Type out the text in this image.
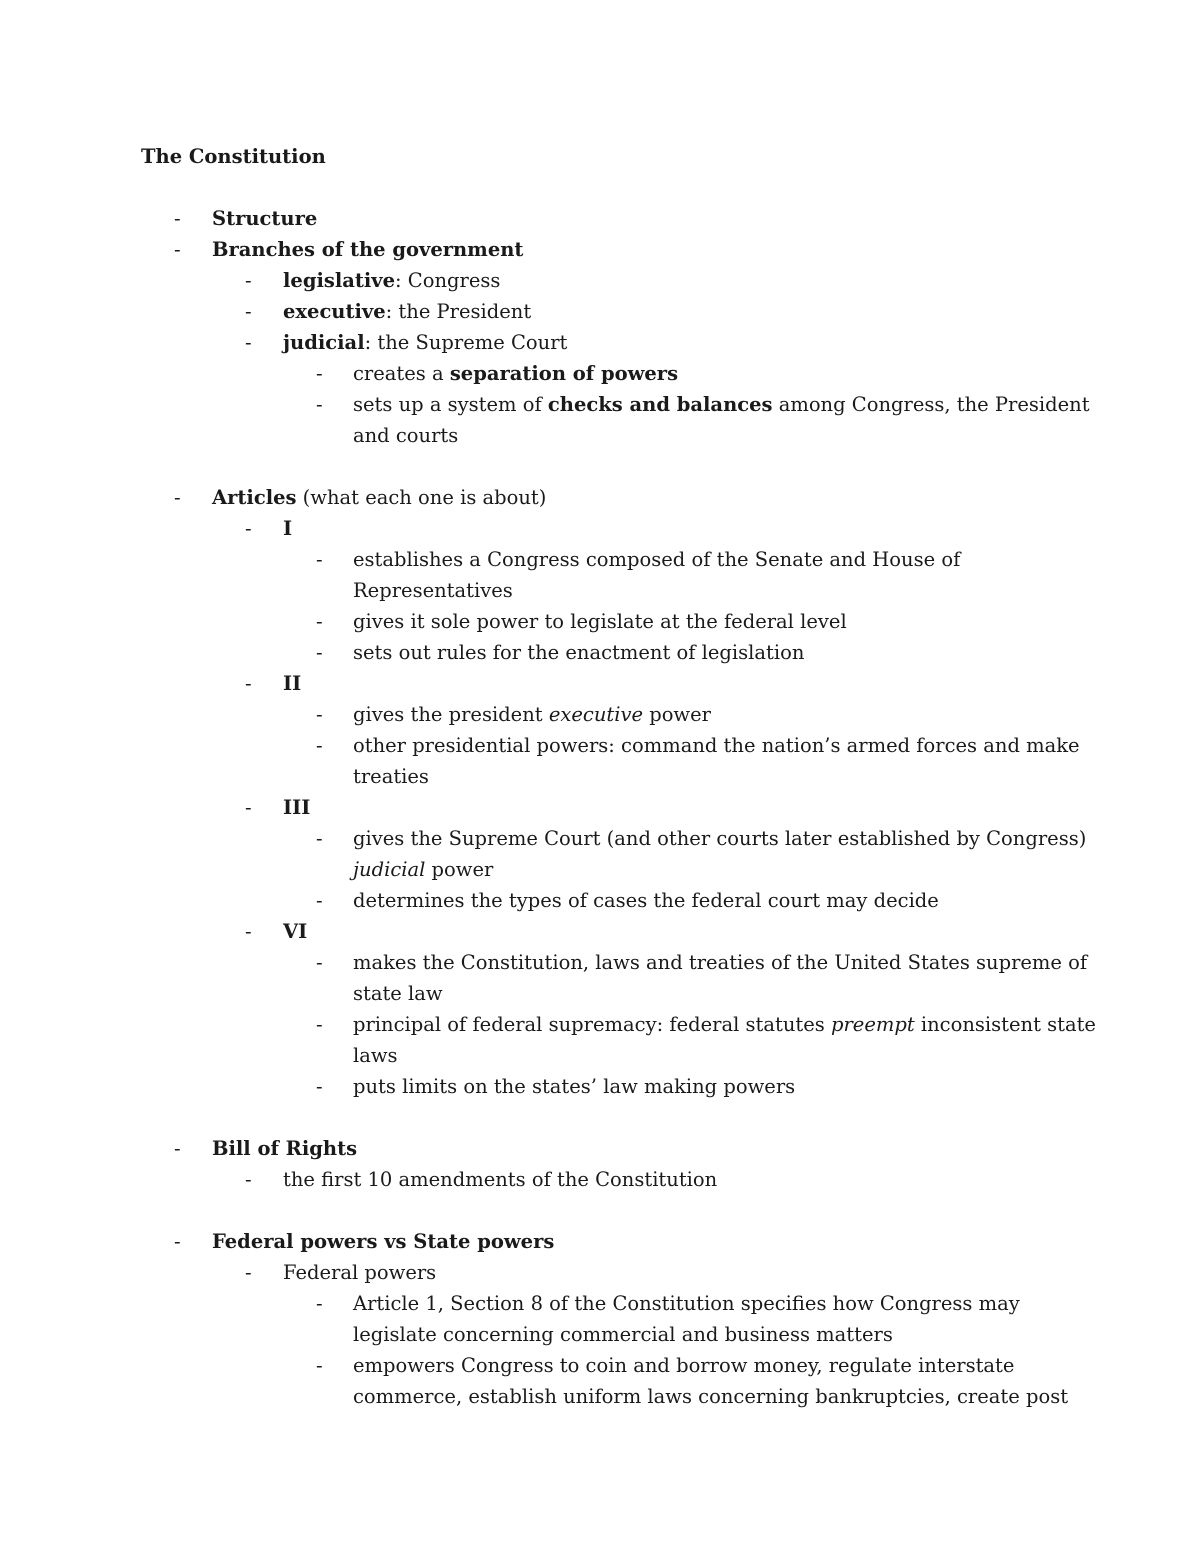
The Constitution
- Structure
- Branches of the government
- legislative: Congress
- executive: the President
- judicial: the Supreme Court
- creates a separation of powers
- sets up a system of checks and balances among Congress, the President
and courts
- Articles (what each one is about)
- I
- establishes a Congress composed of the Senate and House of
Representatives
- gives it sole power to legislate at the federal level
- sets out rules for the enactment of legislation
- II
- gives the president executive power
- other presidential powers: command the nation’s armed forces and make
treaties
- III
- gives the Supreme Court (and other courts later established by Congress)
judicial power
- determines the types of cases the federal court may decide
- VI
- makes the Constitution, laws and treaties of the United States supreme of
state law
- principal of federal supremacy: federal statutes preempt inconsistent state
laws
- puts limits on the states’ law making powers
- Bill of Rights
- the first 10 amendments of the Constitution
- Federal powers vs State powers
- Federal powers
- Article 1, Section 8 of the Constitution specifies how Congress may
legislate concerning commercial and business matters
- empowers Congress to coin and borrow money, regulate interstate
commerce, establish uniform laws concerning bankruptcies, create post
